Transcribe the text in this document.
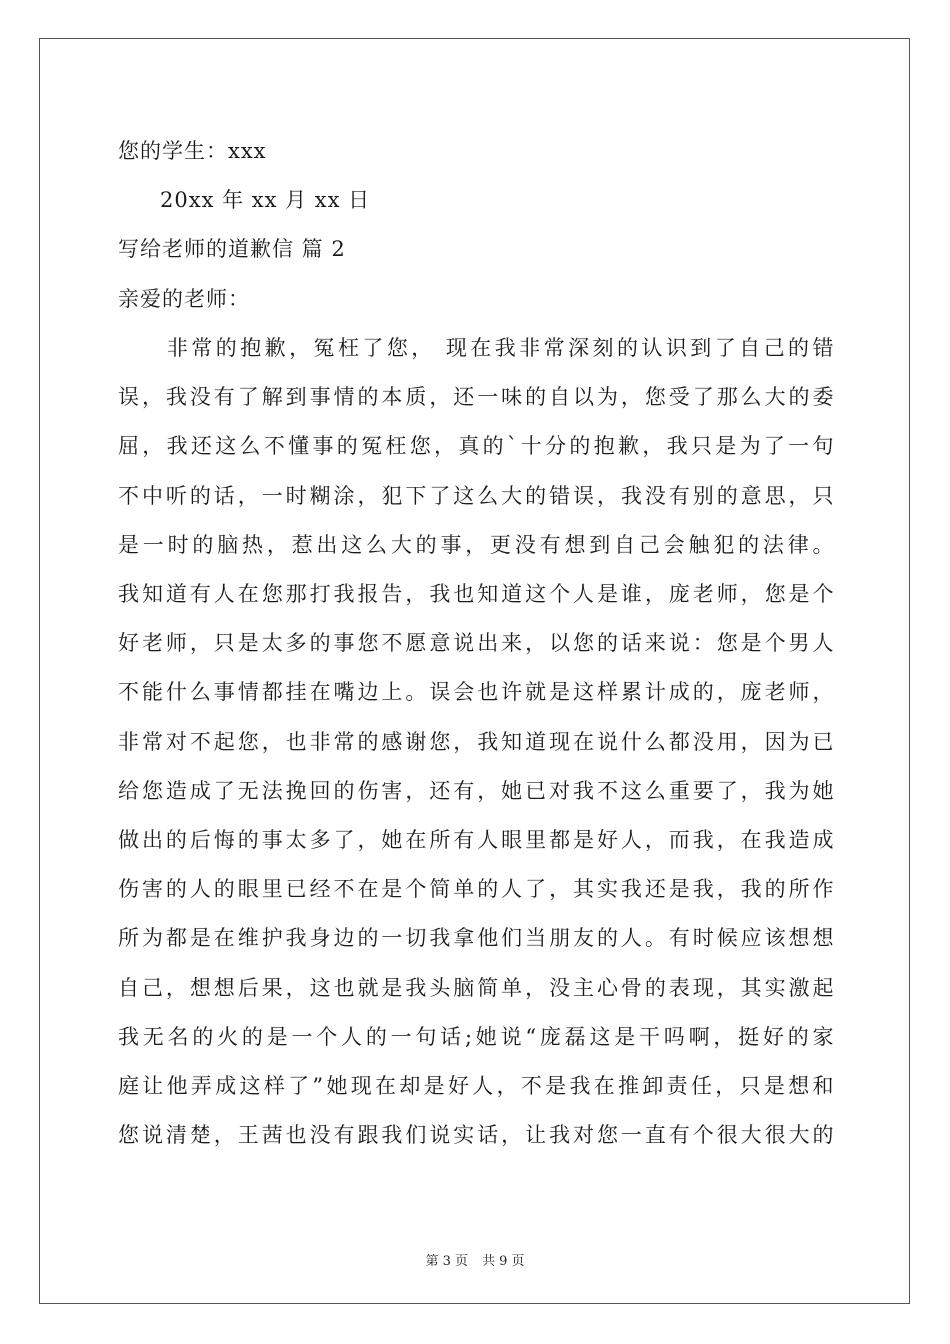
您的学生：xxx
20xx 年 xx 月 xx 日
写给老师的道歉信 篇 2
亲爱的老师：
　　非常的抱歉，冤枉了您， 现在我非常深刻的认识到了自己的错
误，我没有了解到事情的本质，还一味的自以为，您受了那么大的委
屈，我还这么不懂事的冤枉您，真的`十分的抱歉，我只是为了一句
不中听的话，一时糊涂，犯下了这么大的错误，我没有别的意思，只
是一时的脑热，惹出这么大的事，更没有想到自己会触犯的法律。
我知道有人在您那打我报告，我也知道这个人是谁，庞老师，您是个
好老师，只是太多的事您不愿意说出来，以您的话来说：您是个男人
不能什么事情都挂在嘴边上。误会也许就是这样累计成的，庞老师，
非常对不起您，也非常的感谢您，我知道现在说什么都没用，因为已
给您造成了无法挽回的伤害，还有，她已对我不这么重要了，我为她
做出的后悔的事太多了，她在所有人眼里都是好人，而我，在我造成
伤害的人的眼里已经不在是个简单的人了，其实我还是我，我的所作
所为都是在维护我身边的一切我拿他们当朋友的人。有时候应该想想
自己，想想后果，这也就是我头脑简单，没主心骨的表现，其实激起
我无名的火的是一个人的一句话;她说“庞磊这是干吗啊，挺好的家
庭让他弄成这样了”她现在却是好人，不是我在推卸责任，只是想和
您说清楚，王茜也没有跟我们说实话，让我对您一直有个很大很大的
第 3 页 共 9 页
